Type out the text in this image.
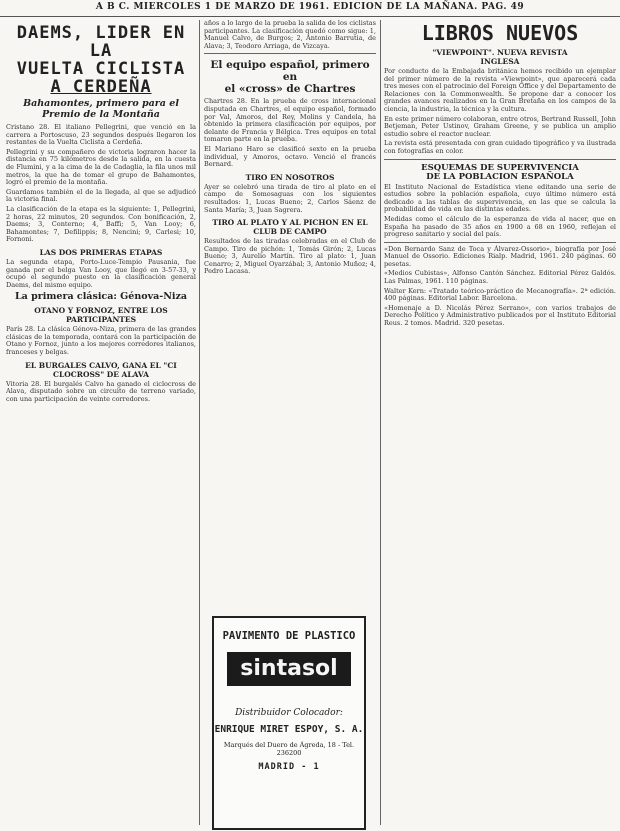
A B C. MIERCOLES 1 DE MARZO DE 1961. EDICION DE LA MAÑANA. PAG. 49
DAEMS, LIDER EN LA
VUELTA CICLISTA
A CERDEÑA
Bahamontes, primero para el
Premio de la Montaña

Cristano 28. El italiano Pellegrini, que venció en la carrera a Portoscuso, 23 segundos después llegaron los restantes de la Vuelta Ciclista a Cerdeña.

Pellegrini y su compañero de victoria lograron hacer la distancia en 75 kilómetros desde la salida, en la cuesta de Flumini, y a la cima de la de Cadaglia, la fila unos mil metros, la que ha de tomar el grupo de Bahamontes, logró el premio de la montaña.

Guardamos también el de la llegada, al que se adjudicó la victoria final.

La clasificación de la etapa es la siguiente: 1, Pellegrini, 2 horas, 22 minutos, 20 segundos. Con bonificación, 2, Daems; 3, Conterno; 4, Baffi; 5, Van Looy; 6, Bahamontes; 7, Defilippis; 8, Nencini; 9, Carlesi; 10, Fornoni.

LAS DOS PRIMERAS ETAPAS

La segunda etapa, Porto-Luce-Tempio Pausania, fue ganada por el belga Van Looy, que llegó en 3-57-33, y ocupó el segundo puesto en la clasificación general Daems, del mismo equipo.

La primera clásica: Génova-Niza
OTANO Y FORNOZ, ENTRE LOS
PARTICIPANTES

París 28. La clásica Génova-Niza, primera de las grandes clásicas de la temporada, contará con la participación de Otano y Fornoz, junto a los mejores corredores italianos, franceses y belgas.

EL BURGALES CALVO, GANA EL "CI
CLOCROSS" DE ALAVA

Vitoria 28. El burgalés Calvo ha ganado el ciclocross de Alava, disputado sobre un circuito de terreno variado, con una participación de veinte corredores.

años a lo largo de la prueba la salida de los ciclistas participantes. La clasificación quedó como sigue: 1, Manuel Calvo, de Burgos; 2, Antonio Barrutia, de Alava; 3, Teodoro Arriaga, de Vizcaya.

El equipo español, primero en
el «cross» de Chartres

Chartres 28. En la prueba de cross internacional disputada en Chartres, el equipo español, formado por Val, Amoros, del Rey, Molins y Candela, ha obtenido la primera clasificación por equipos, por delante de Francia y Bélgica. Tres equipos en total tomaron parte en la prueba.

El Mariano Haro se clasificó sexto en la prueba individual, y Amoros, octavo. Venció el francés Bernard.

TIRO EN NOSOTROS

Ayer se celebró una tirada de tiro al plato en el campo de Somosaguas con los siguientes resultados: 1, Lucas Bueno; 2, Carlos Sáenz de Santa María; 3, Juan Sagrera.

TIRO AL PLATO Y AL PICHON EN EL
CLUB DE CAMPO

Resultados de las tiradas celebradas en el Club de Campo. Tiro de pichón: 1, Tomás Girón; 2, Lucas Bueno; 3, Aurelio Martín. Tiro al plato: 1, Juan Cenarro; 2, Miguel Oyarzábal; 3, Antonio Muñoz; 4, Pedro Lacasa.

PAVIMENTO DE PLASTICO
sintasol
Distribuidor Colocador:
ENRIQUE MIRET ESPOY, S. A.
Marqués del Duero de Ágreda, 18 - Tel. 236200
MADRID - 1
LIBROS NUEVOS
"VIEWPOINT". NUEVA REVISTA
INGLESA

Por conducto de la Embajada británica hemos recibido un ejemplar del primer número de la revista «Viewpoint», que aparecerá cada tres meses con el patrocinio del Foreign Office y del Departamento de Relaciones con la Commonwealth. Se propone dar a conocer los grandes avances realizados en la Gran Bretaña en los campos de la ciencia, la industria, la técnica y la cultura.

En este primer número colaboran, entre otros, Bertrand Russell, John Betjeman, Peter Ustinov, Graham Greene, y se publica un amplio estudio sobre el reactor nuclear.

La revista está presentada con gran cuidado tipográfico y va ilustrada con fotografías en color.

ESQUEMAS DE SUPERVIVENCIA
DE LA POBLACION ESPAÑOLA

El Instituto Nacional de Estadística viene editando una serie de estudios sobre la población española, cuyo último número está dedicado a las tablas de supervivencia, en las que se calcula la probabilidad de vida en las distintas edades.

Medidas como el cálculo de la esperanza de vida al nacer, que en España ha pasado de 35 años en 1900 a 68 en 1960, reflejan el progreso sanitario y social del país.

«Don Bernardo Sanz de Toca y Álvarez-Ossorio», biografía por José Manuel de Ossorio. Ediciones Rialp. Madrid, 1961. 240 páginas. 60 pesetas.

«Medios Cubistas», Alfonso Cantón Sánchez. Editorial Pérez Galdós. Las Palmas, 1961. 110 páginas.

Walter Kern: «Tratado teórico-práctico de Mecanografía». 2ª edición. 400 páginas. Editorial Labor. Barcelona.

«Homenaje a D. Nicolás Pérez Serrano», con varios trabajos de Derecho Político y Administrativo publicados por el Instituto Editorial Reus. 2 tomos. Madrid. 320 pesetas.
